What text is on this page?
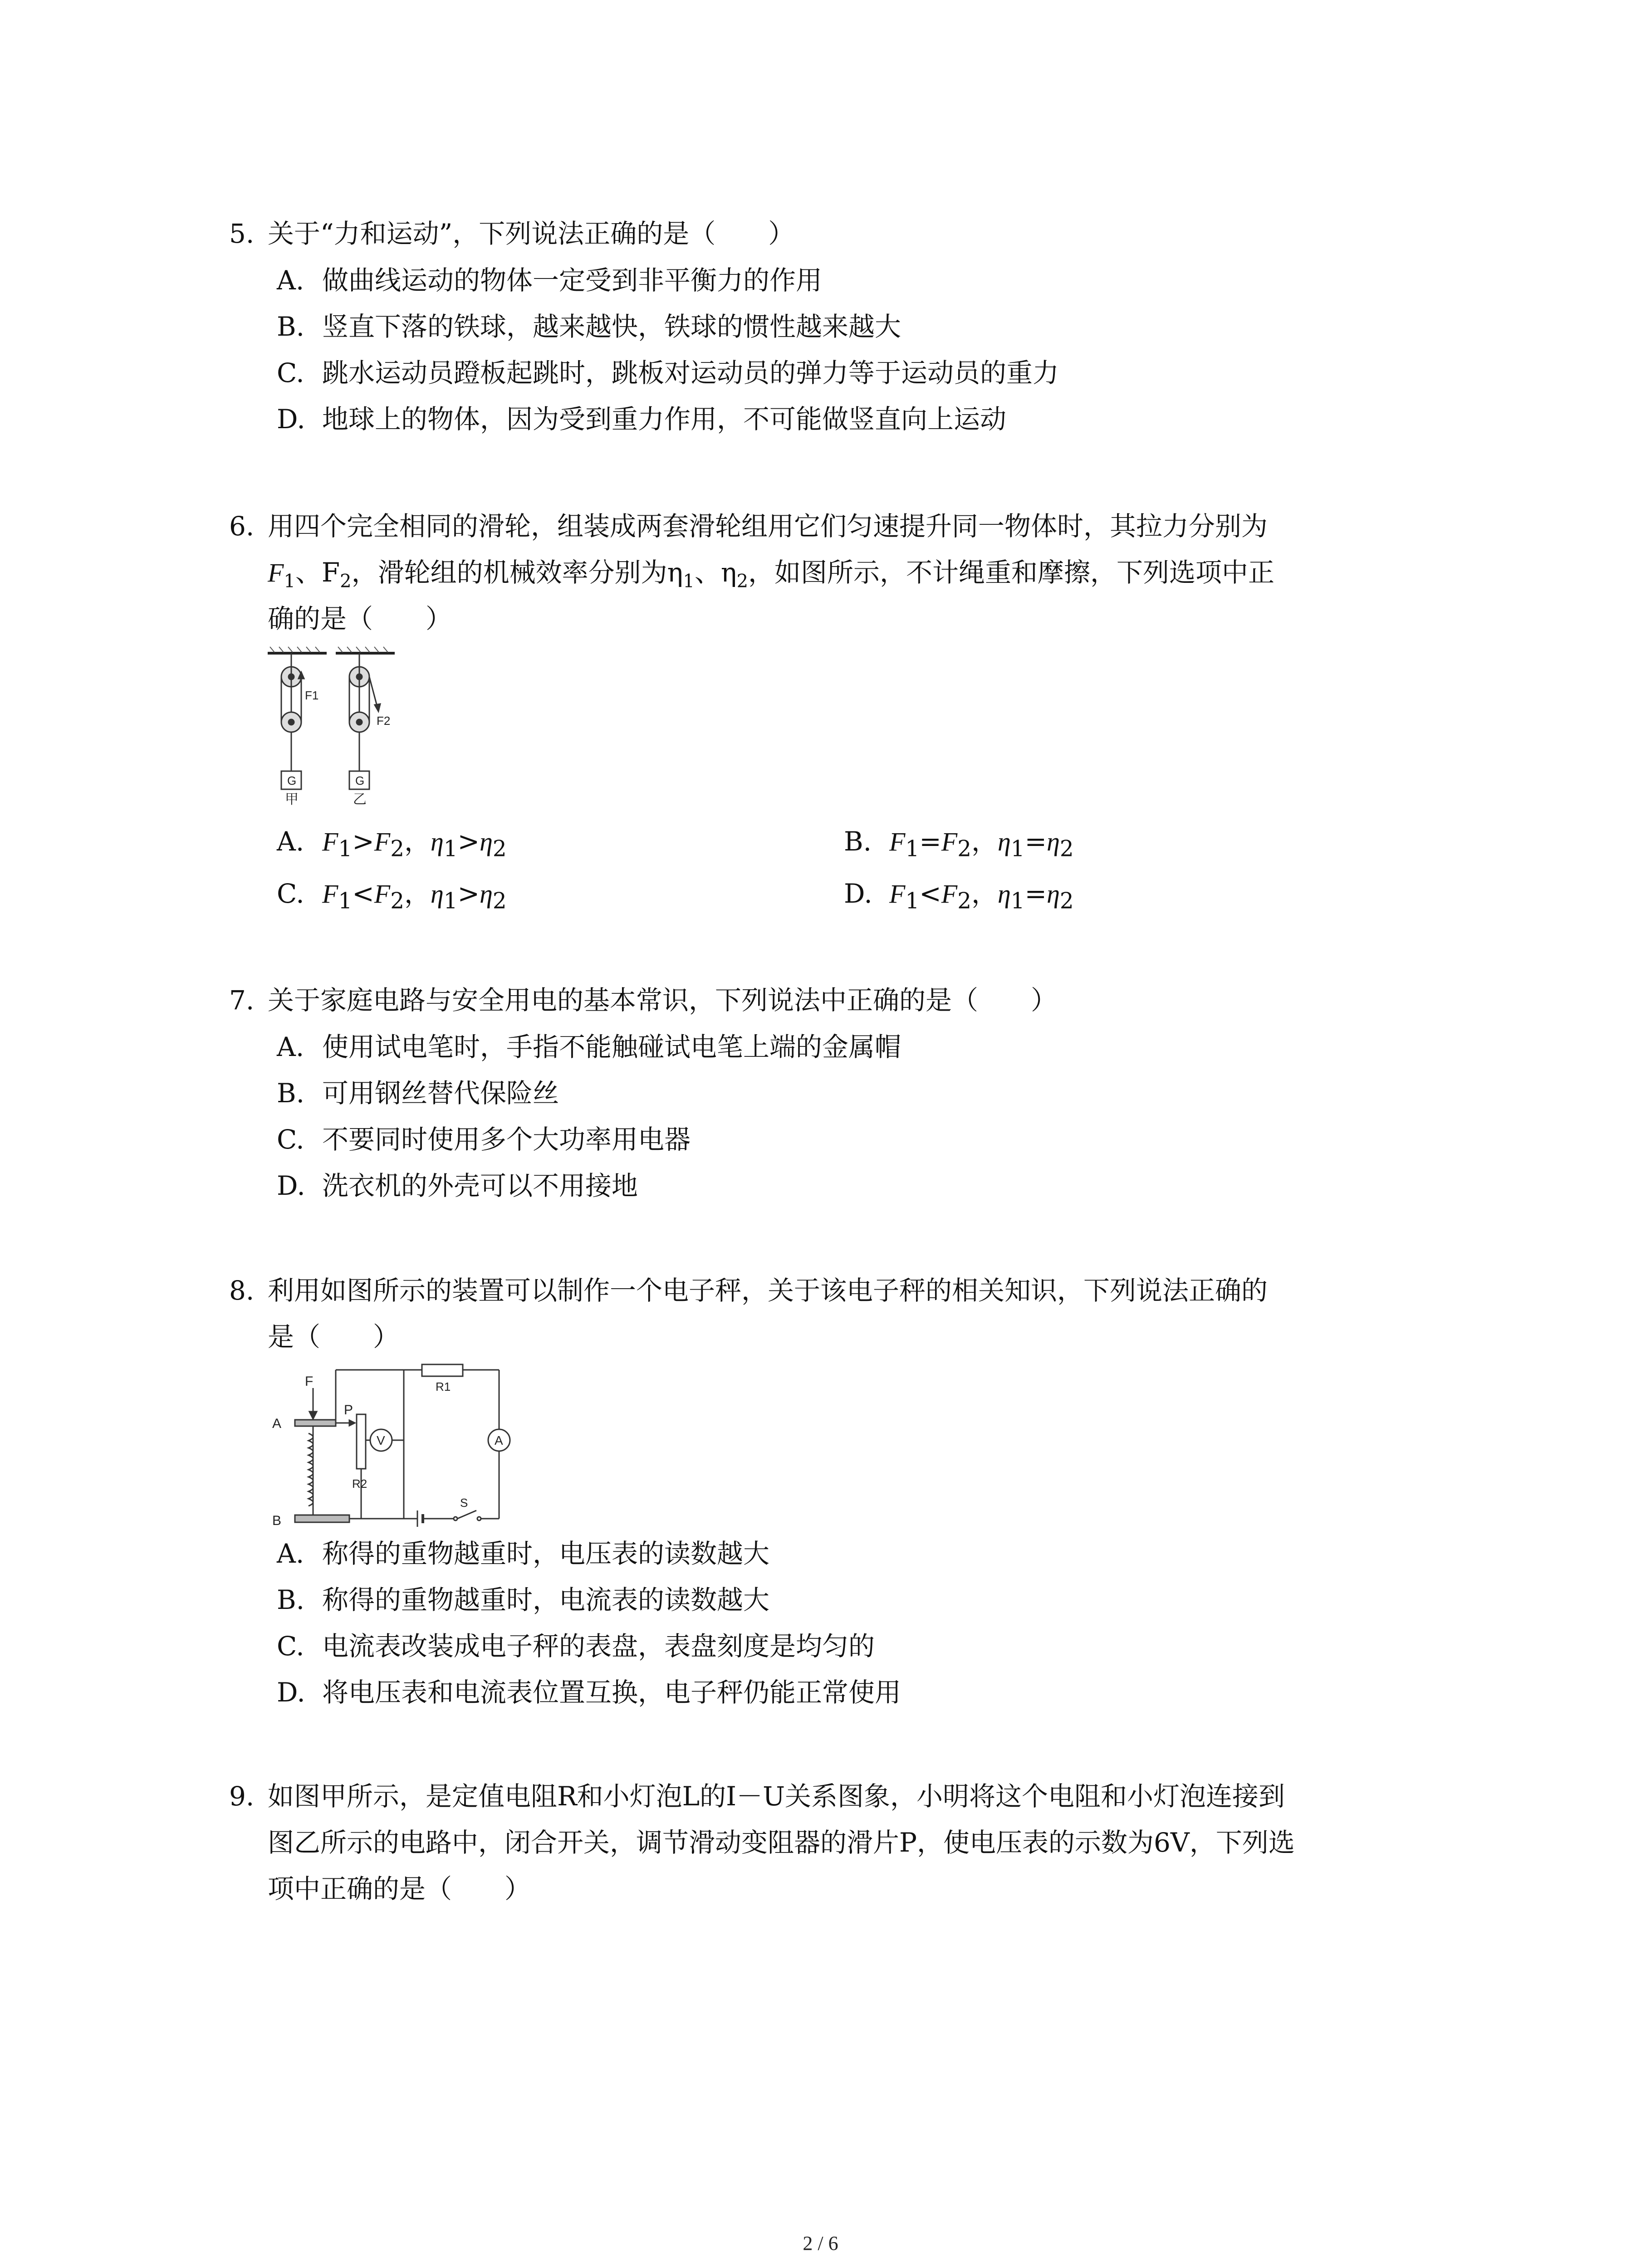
5. 关于“力和运动”，下列说法正确的是（　　）
A. 做曲线运动的物体一定受到非平衡力的作用
B. 竖直下落的铁球，越来越快，铁球的惯性越来越大
C. 跳水运动员蹬板起跳时，跳板对运动员的弹力等于运动员的重力
D. 地球上的物体，因为受到重力作用，不可能做竖直向上运动
6. 用四个完全相同的滑轮，组装成两套滑轮组用它们匀速提升同一物体时，其拉力分别为
$F_1$、$F_2$，滑轮组的机械效率分别为$\eta_1$、$\eta_2$，如图所示，不计绳重和摩擦，下列选项中正
确的是（　　）
F1
G
甲
F2
G
乙
A. $F_1>F_2$，$\eta_1>\eta_2$	B. $F_1=F_2$，$\eta_1=\eta_2$
C. $F_1<F_2$，$\eta_1>\eta_2$	D. $F_1<F_2$，$\eta_1=\eta_2$
7. 关于家庭电路与安全用电的基本常识，下列说法中正确的是（　　）
A. 使用试电笔时，手指不能触碰试电笔上端的金属帽
B. 可用钢丝替代保险丝
C. 不要同时使用多个大功率用电器
D. 洗衣机的外壳可以不用接地
8. 利用如图所示的装置可以制作一个电子秤，关于该电子秤的相关知识，下列说法正确的
是（　　）
F
P
A
B
R2
R1
V	A
S
A. 称得的重物越重时，电压表的读数越大
B. 称得的重物越重时，电流表的读数越大
C. 电流表改装成电子秤的表盘，表盘刻度是均匀的
D. 将电压表和电流表位置互换，电子秤仍能正常使用
9. 如图甲所示，是定值电阻R和小灯泡L的I－U关系图象，小明将这个电阻和小灯泡连接到
图乙所示的电路中，闭合开关，调节滑动变阻器的滑片P，使电压表的示数为6V，下列选
项中正确的是（　　）
2 / 6
